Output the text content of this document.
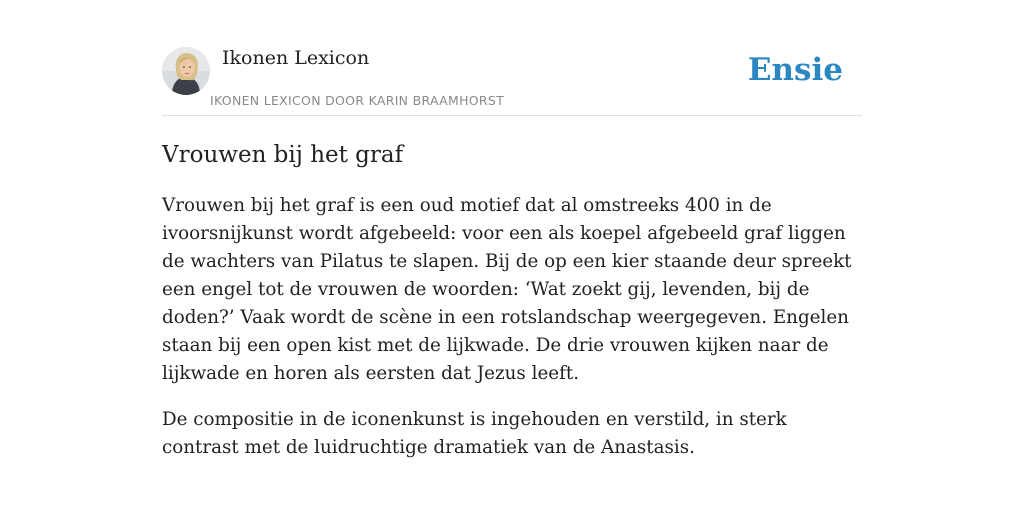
Ikonen Lexicon
IKONEN LEXICON DOOR KARIN BRAAMHORST
Ensie
Vrouwen bij het graf

Vrouwen bij het graf is een oud motief dat al omstreeks 400 in de ivoorsnijkunst wordt afgebeeld: voor een als koepel afgebeeld graf liggen de wachters van Pilatus te slapen. Bij de op een kier staande deur spreekt een engel tot de vrouwen de woorden: ‘Wat zoekt gij, levenden, bij de doden?’ Vaak wordt de scène in een rotslandschap weergegeven. Engelen staan bij een open kist met de lijkwade. De drie vrouwen kijken naar de lijkwade en horen als eersten dat Jezus leeft.

De compositie in de iconenkunst is ingehouden en verstild, in sterk contrast met de luidruchtige dramatiek van de Anastasis.
